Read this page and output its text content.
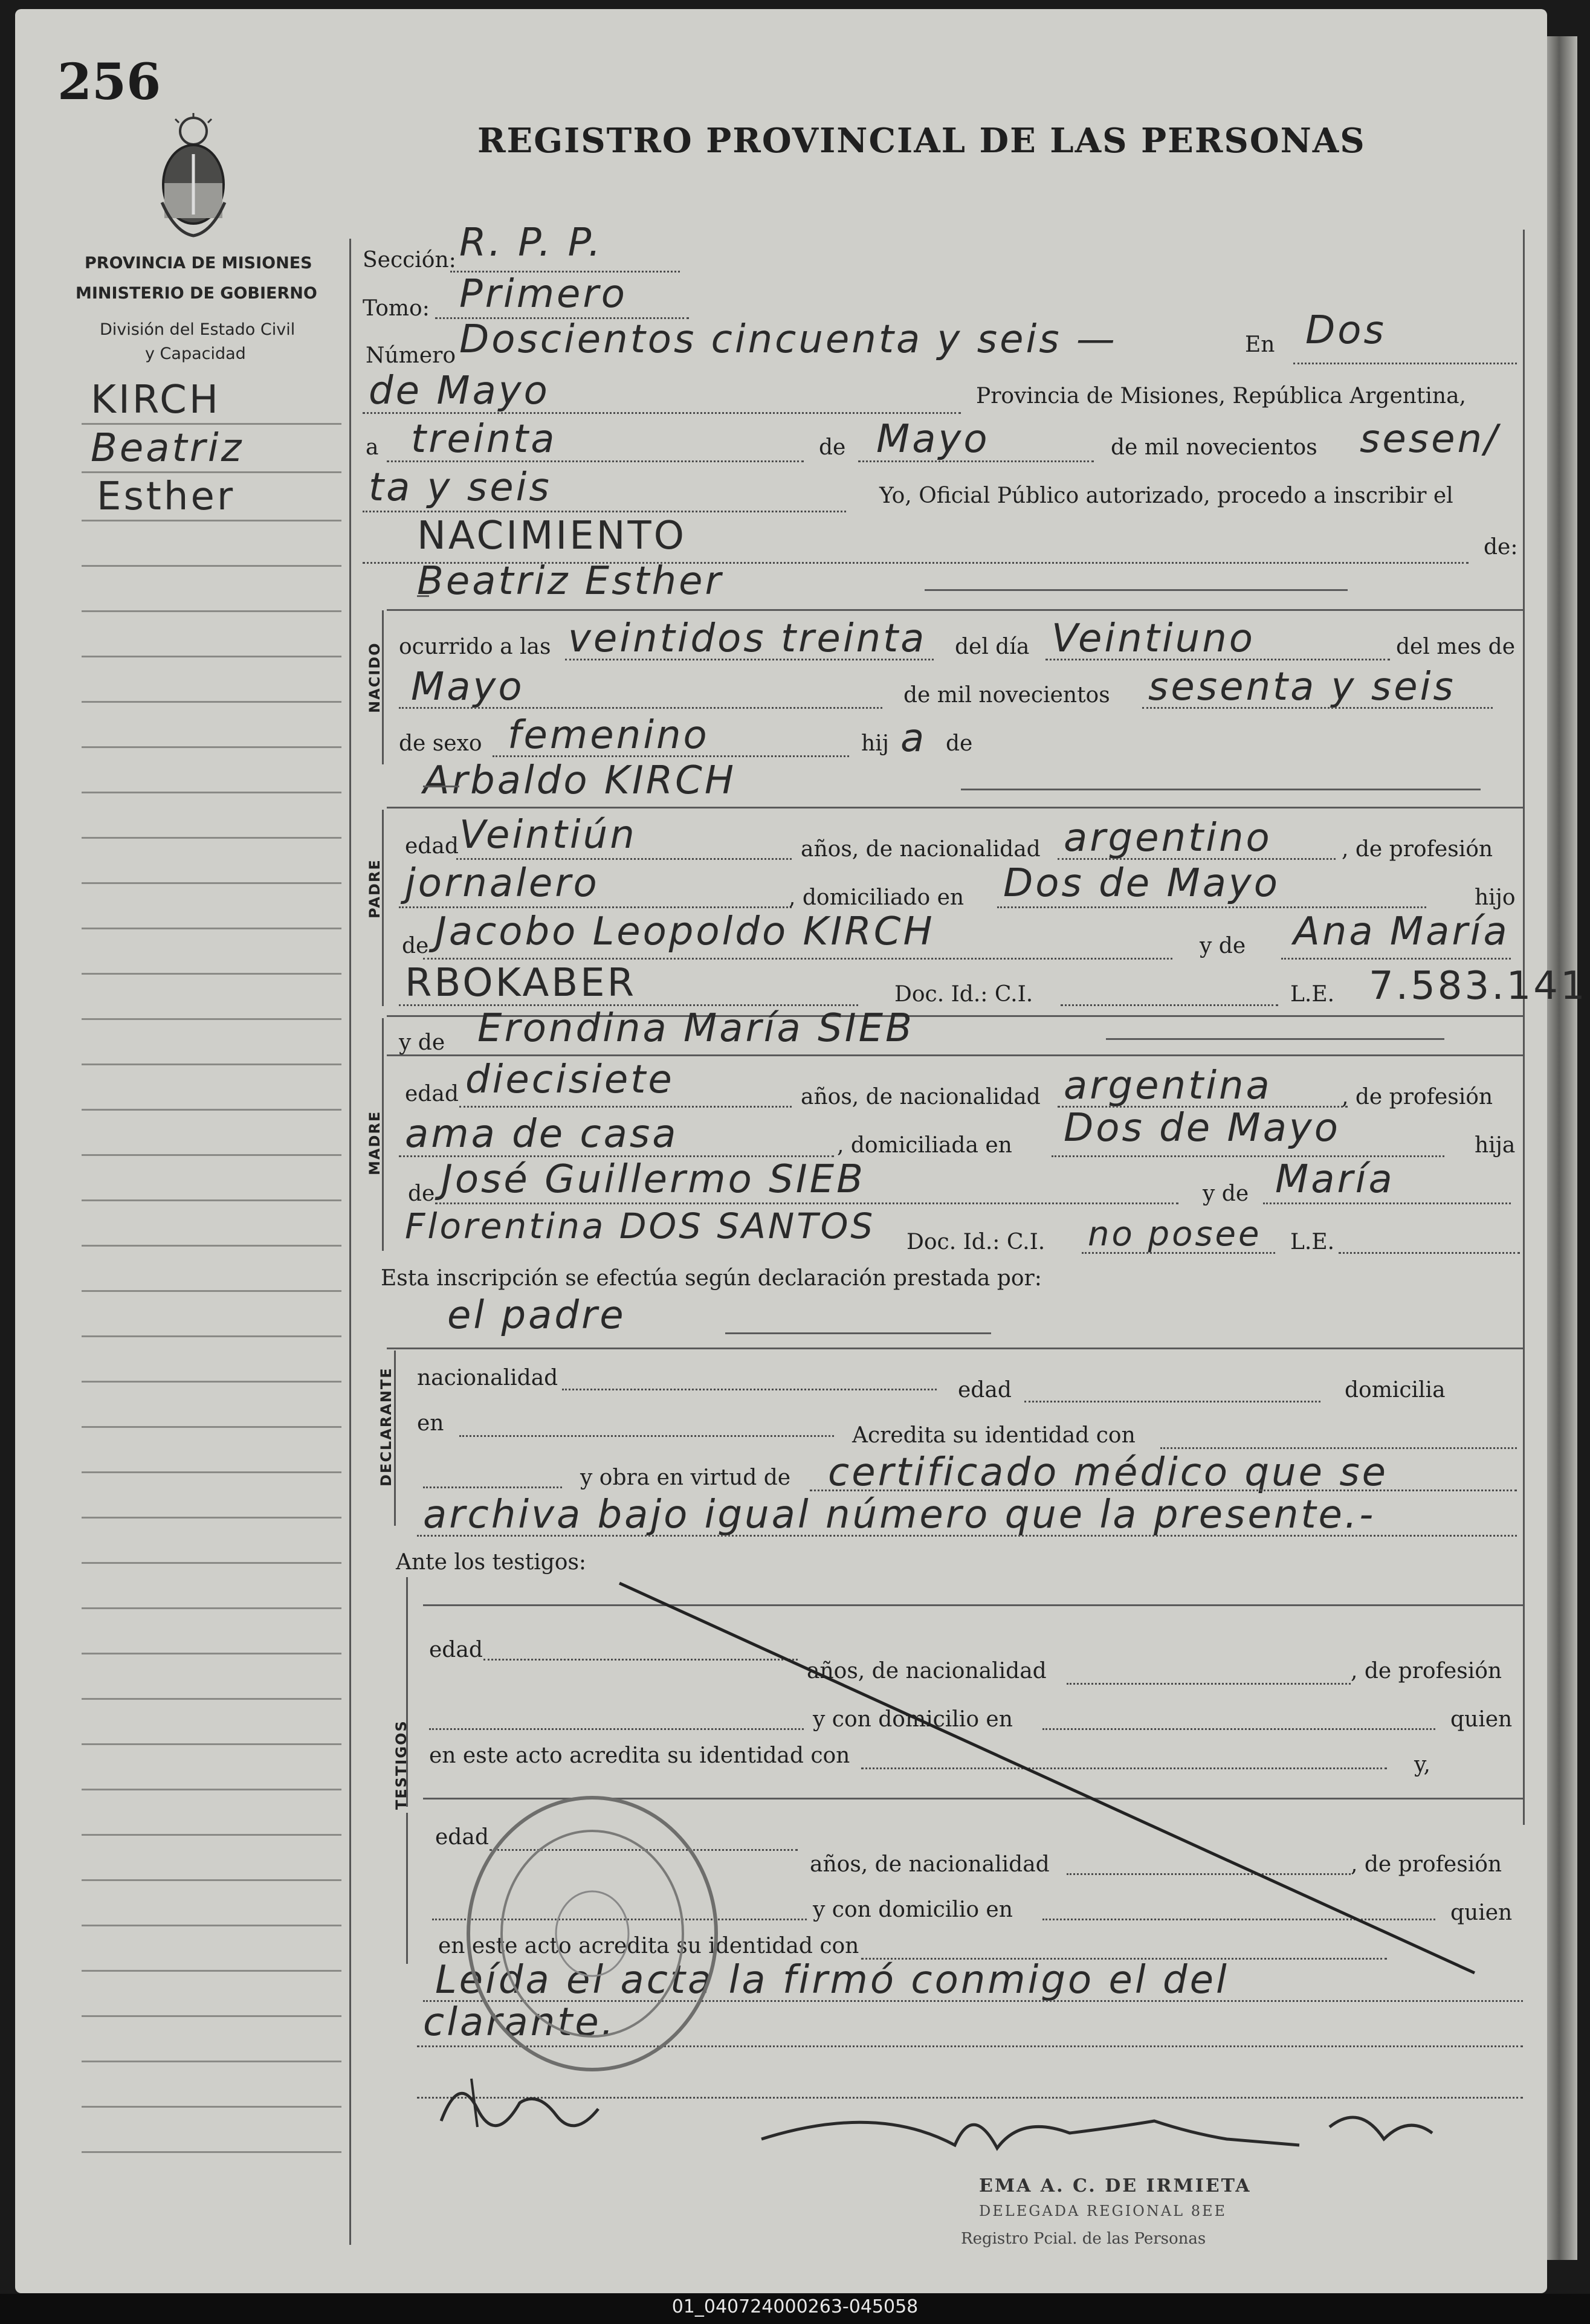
256
REGISTRO PROVINCIAL DE LAS PERSONAS
PROVINCIA DE MISIONES
MINISTERIO DE GOBIERNO
División del Estado Civil
y Capacidad
KIRCH
Beatriz
Esther
Sección: R. P. P.
Tomo: Primero
Número Doscientos cincuenta y seis —	En Dos
de Mayo	Provincia de Misiones, República Argentina,
a treinta	de Mayo	de mil novecientos sesen/
ta y seis	Yo, Oficial Público autorizado, procedo a inscribir el
NACIMIENTO	de:
Beatriz Esther
NACIDO ocurrido a las veintidos treinta del día Veintiuno	del mes de
Mayo	de mil novecientos sesenta y seis
de sexo femenino	hij a de
Arbaldo KIRCH
PADRE
edad Veintiún	años, de nacionalidad argentino	, de profesión
jornalero	, domiciliado en Dos de Mayo	hijo
de Jacobo Leopoldo KIRCH	y de Ana María
RBOKABER	Doc. Id.: C.I.	L.E. 7.583.141
y de Erondina María SIEB
MADRE
edad diecisiete	años, de nacionalidad argentina	, de profesión
ama de casa	, domiciliada en Dos de Mayo	hija
de José Guillermo SIEB	y de María
Florentina DOS SANTOS Doc. Id.: C.I. no posee L.E.
Esta inscripción se efectúa según declaración prestada por:
el padre
DECLARANTE nacionalidad	edad	domicilia
en	Acredita su identidad con
y obra en virtud de certificado médico que se
archiva bajo igual número que la presente.-
Ante los testigos:
TESTIGOS
edad
años, de nacionalidad	, de profesión
y con domicilio en	quien
en este acto acredita su identidad con	y,
edad
años, de nacionalidad	, de profesión
y con domicilio en	quien
en este acto acredita su identidad con
Leída el acta la firmó conmigo el del
clarante.
EMA A. C. DE IRMIETA
DELEGADA REGIONAL 8EE
Registro Pcial. de las Personas
01_040724000263-045058
